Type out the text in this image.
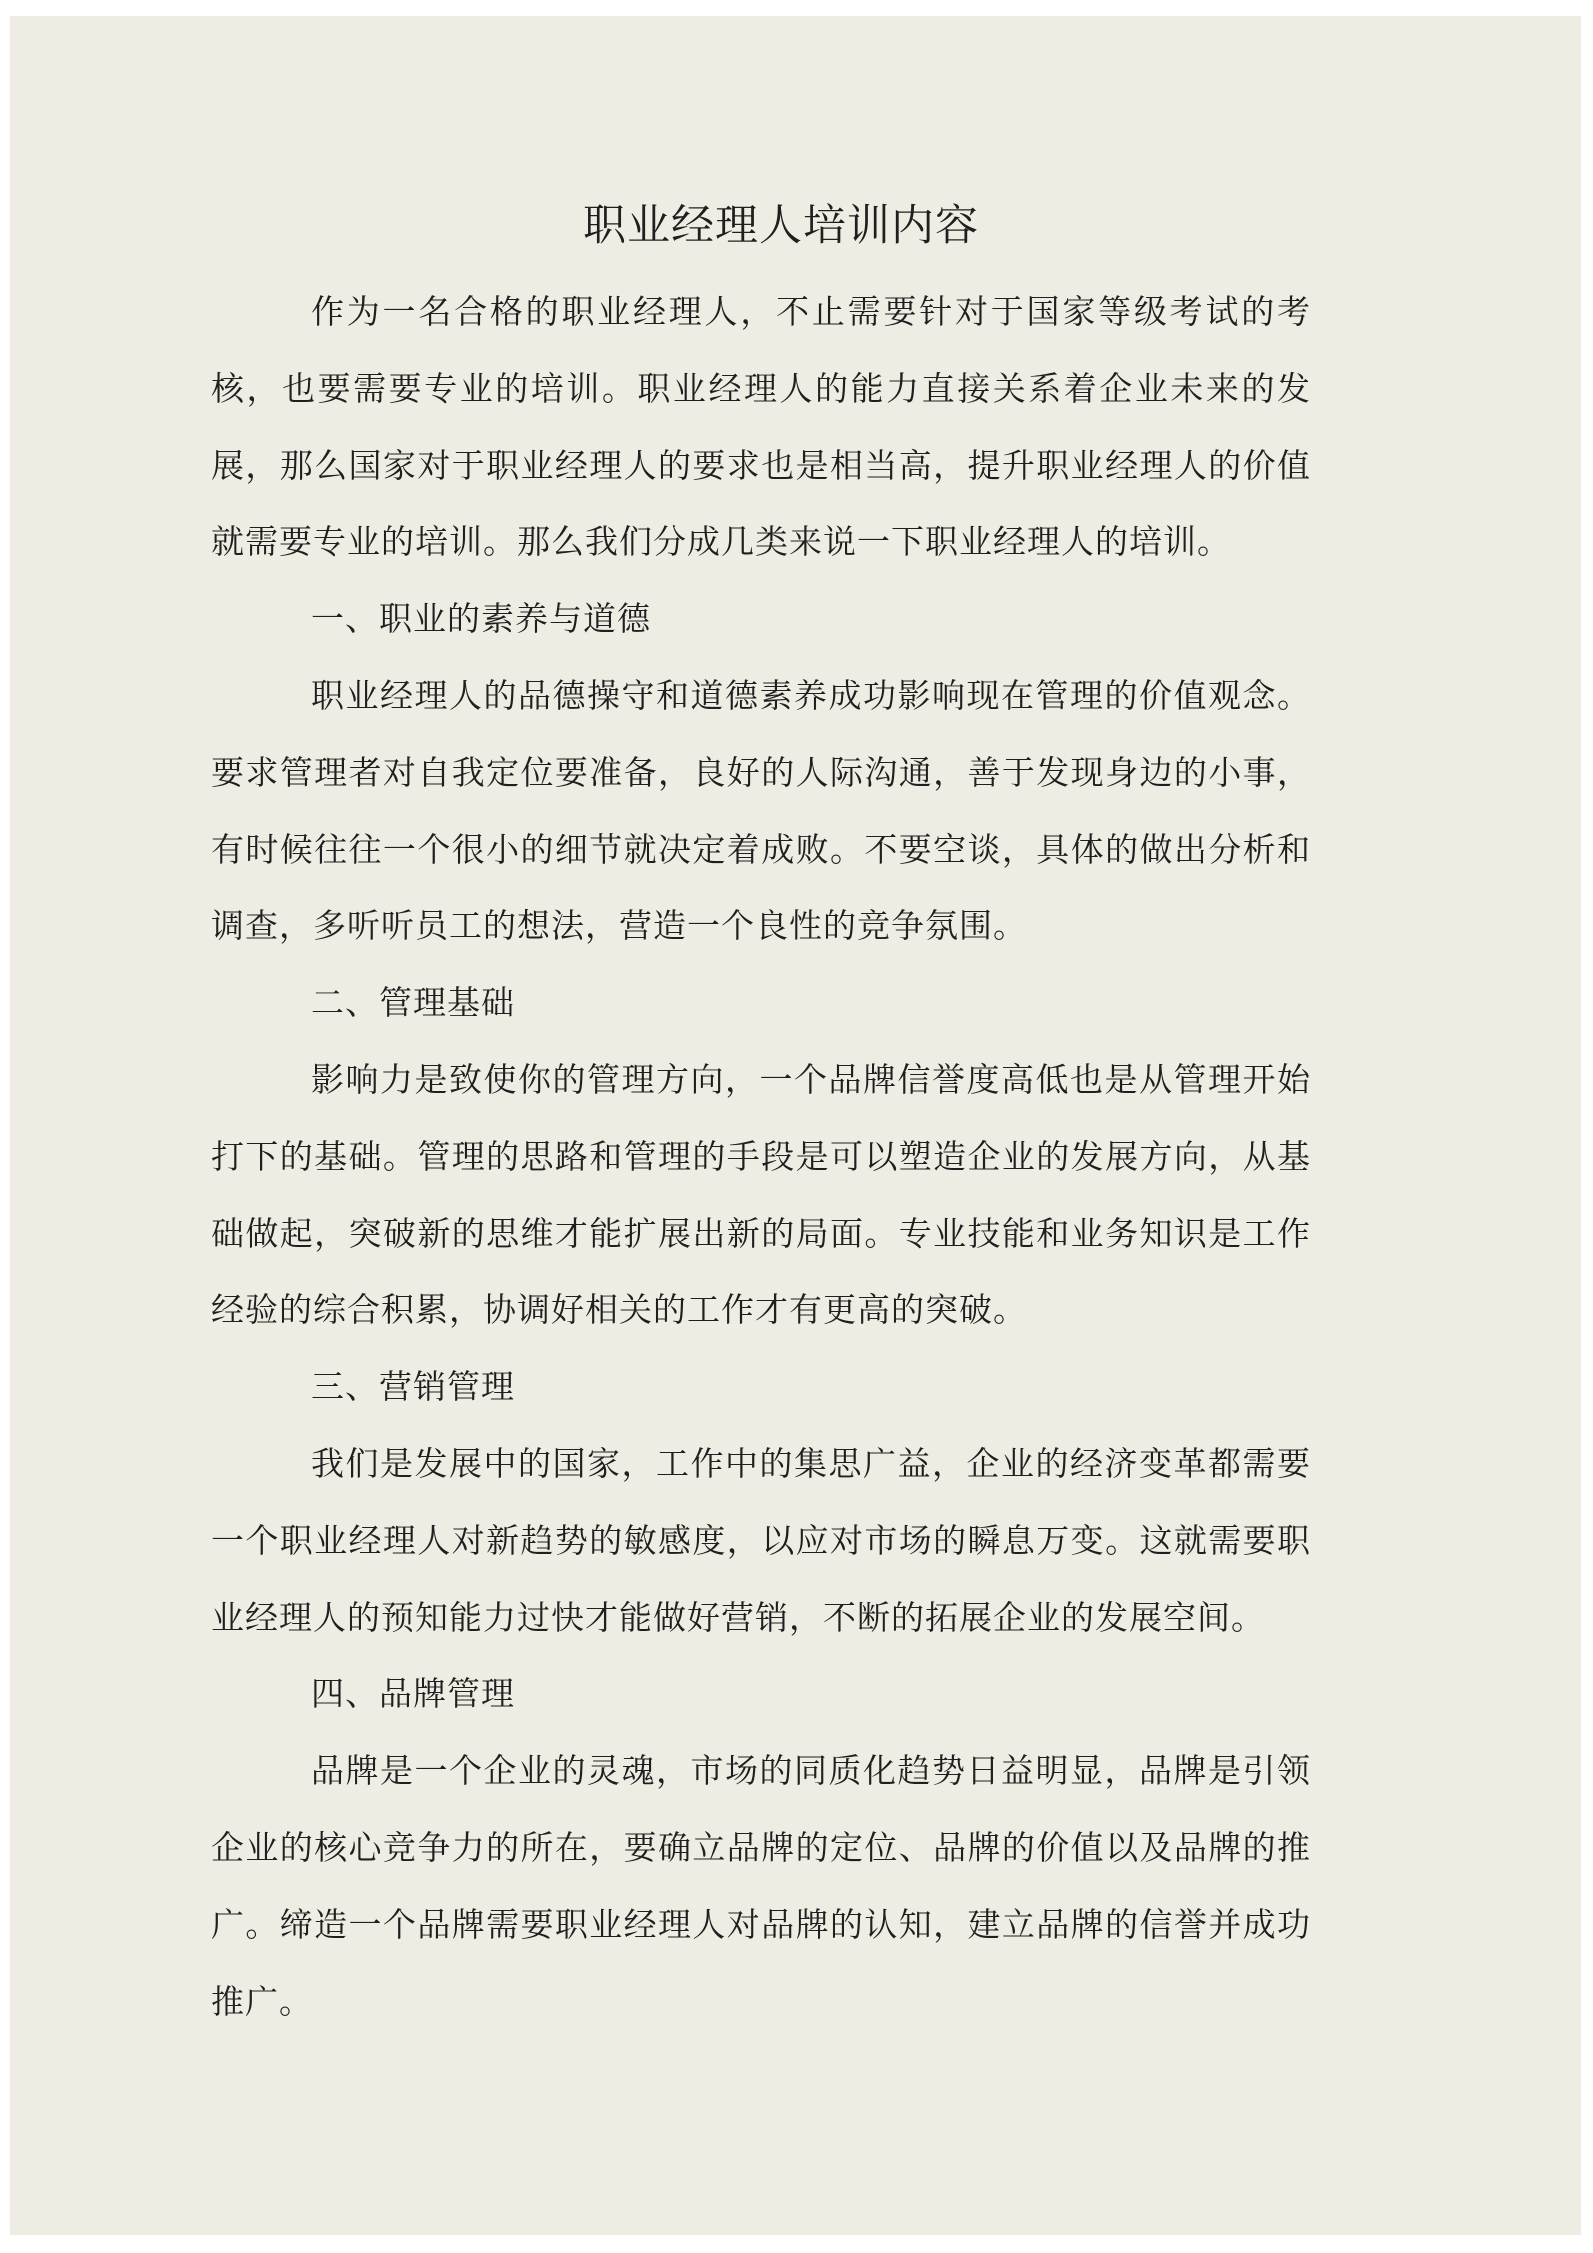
职业经理人培训内容

作为一名合格的职业经理人，不止需要针对于国家等级考试的考核，也要需要专业的培训。职业经理人的能力直接关系着企业未来的发展，那么国家对于职业经理人的要求也是相当高，提升职业经理人的价值就需要专业的培训。那么我们分成几类来说一下职业经理人的培训。

一、职业的素养与道德

职业经理人的品德操守和道德素养成功影响现在管理的价值观念。要求管理者对自我定位要准备，良好的人际沟通，善于发现身边的小事，有时候往往一个很小的细节就决定着成败。不要空谈，具体的做出分析和调查，多听听员工的想法，营造一个良性的竞争氛围。

二、管理基础

影响力是致使你的管理方向，一个品牌信誉度高低也是从管理开始打下的基础。管理的思路和管理的手段是可以塑造企业的发展方向，从基础做起，突破新的思维才能扩展出新的局面。专业技能和业务知识是工作经验的综合积累，协调好相关的工作才有更高的突破。

三、营销管理

我们是发展中的国家，工作中的集思广益，企业的经济变革都需要一个职业经理人对新趋势的敏感度，以应对市场的瞬息万变。这就需要职业经理人的预知能力过快才能做好营销，不断的拓展企业的发展空间。

四、品牌管理

品牌是一个企业的灵魂，市场的同质化趋势日益明显，品牌是引领企业的核心竞争力的所在，要确立品牌的定位、品牌的价值以及品牌的推广。缔造一个品牌需要职业经理人对品牌的认知，建立品牌的信誉并成功推广。
